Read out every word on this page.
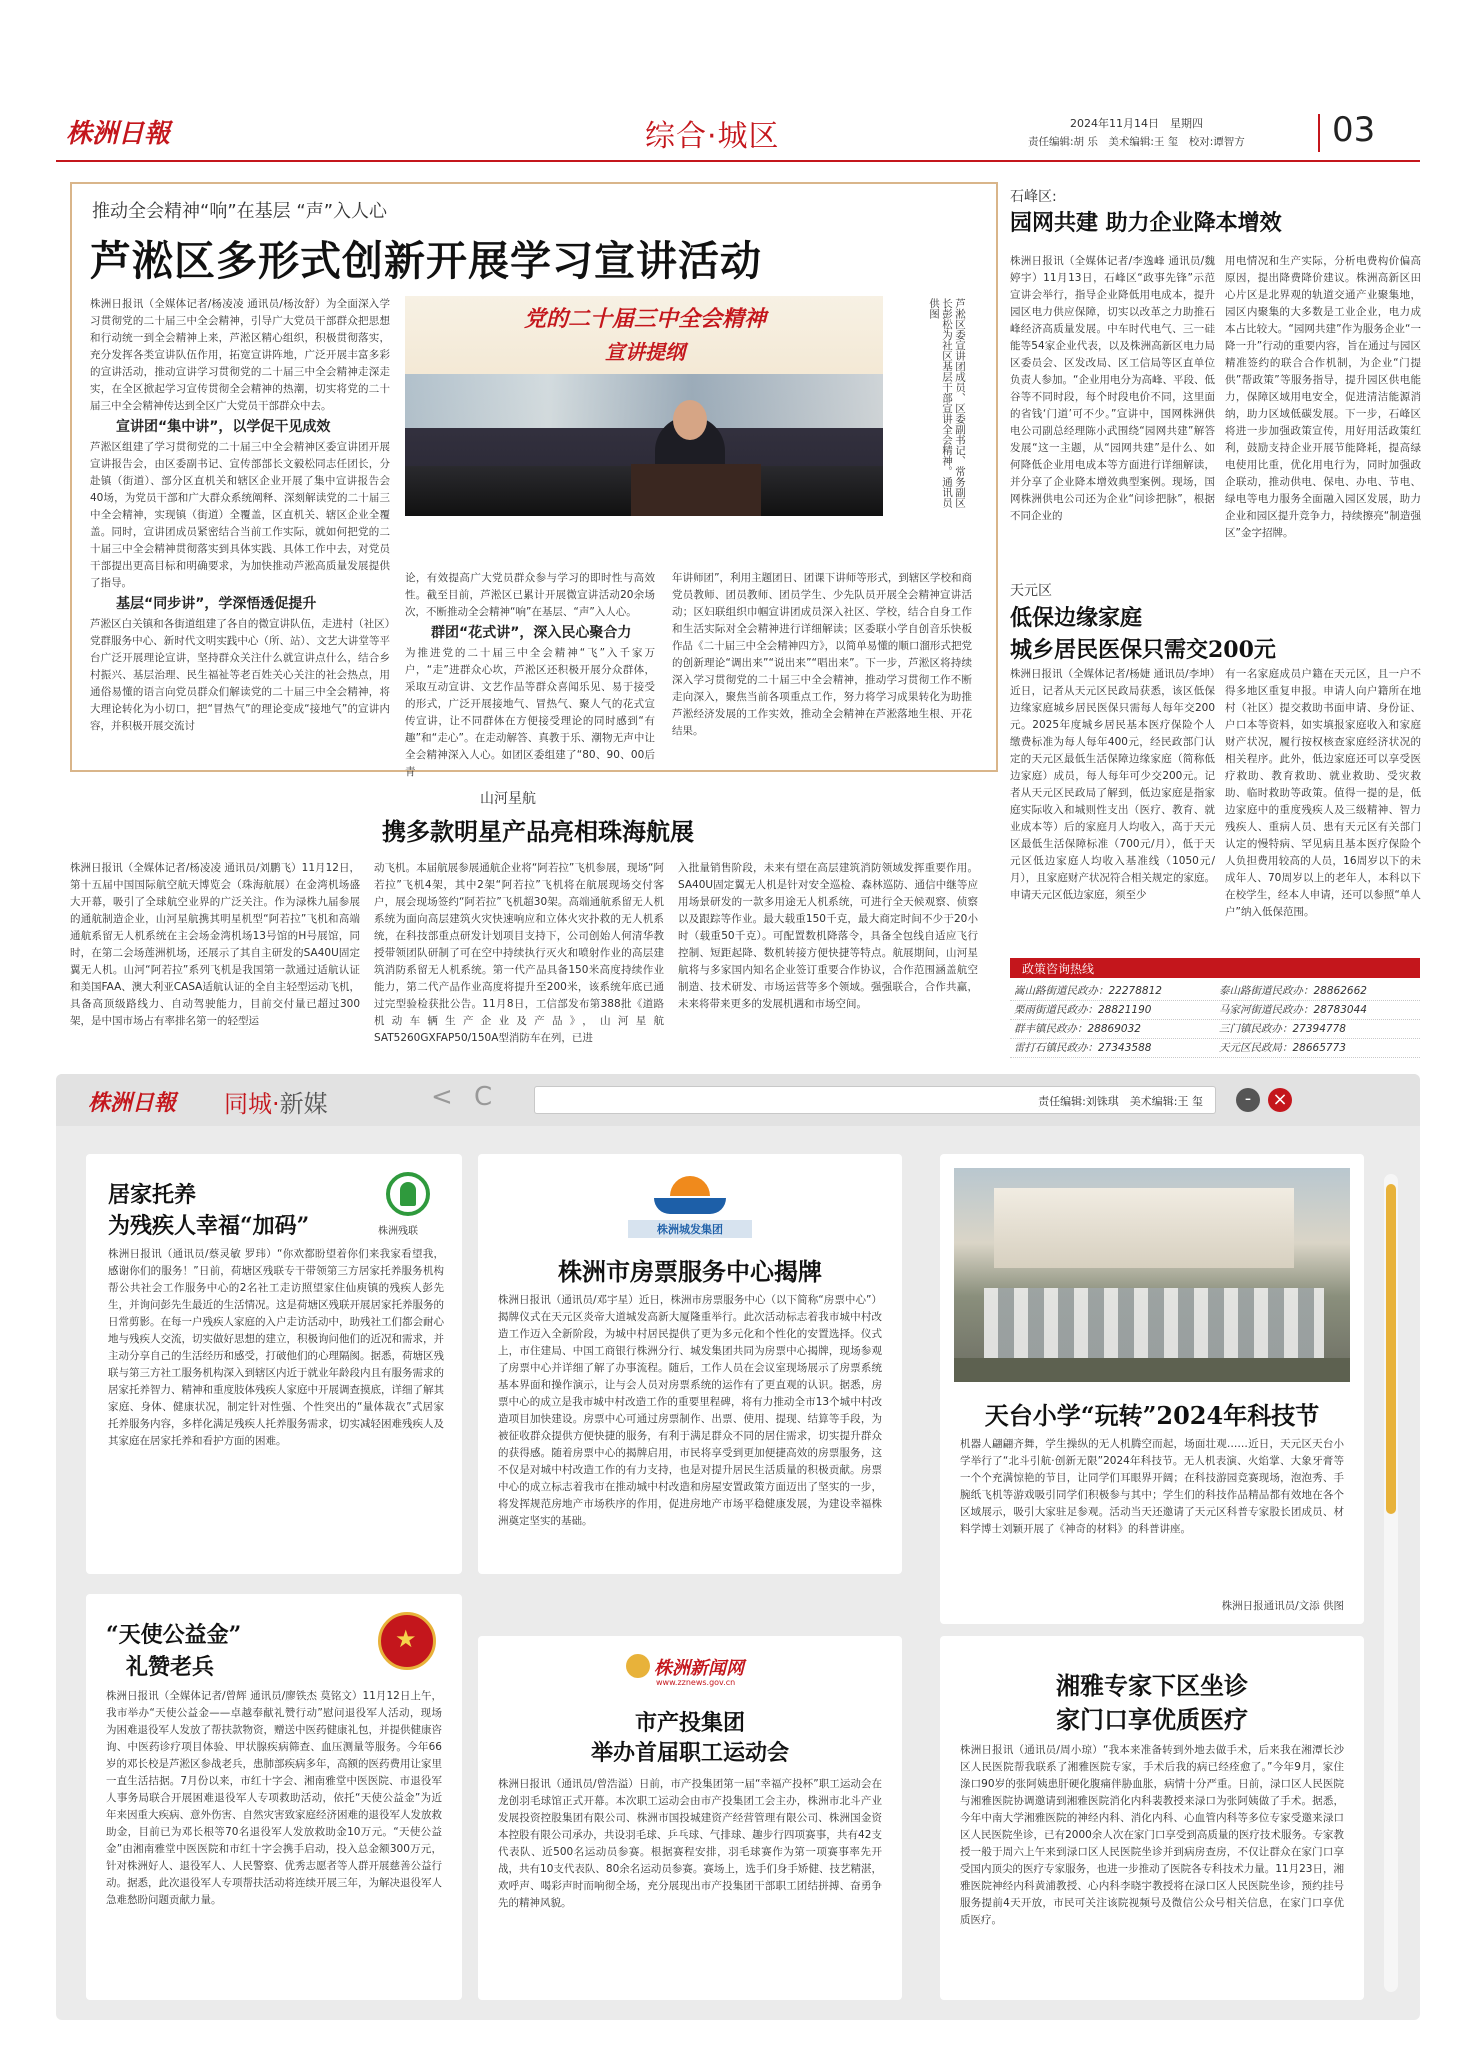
株洲日報	综合·城区	2024年11月14日　星期四
责任编辑:胡 乐　美术编辑:王 玺　校对:谭智方	03
推动全会精神“响”在基层 “声”入人心
芦淞区多形式创新开展学习宣讲活动
党的二十届三中全会精神
宣讲提纲	芦淞区委宣讲团成员、区委副书记、常务副区长彭松为社区基层干部宣讲全会精神。通讯员供图

株洲日报讯（全媒体记者/杨凌凌 通讯员/杨汝舒）为全面深入学习贯彻党的二十届三中全会精神，引导广大党员干部群众把思想和行动统一到全会精神上来，芦淞区精心组织，积极贯彻落实，充分发挥各类宣讲队伍作用，拓宽宣讲阵地，广泛开展丰富多彩的宣讲活动，推动宣讲学习贯彻党的二十届三中全会精神走深走实，在全区掀起学习宣传贯彻全会精神的热潮，切实将党的二十届三中全会精神传达到全区广大党员干部群众中去。

宣讲团“集中讲”，以学促干见成效

芦淞区组建了学习贯彻党的二十届三中全会精神区委宣讲团开展宣讲报告会，由区委副书记、宣传部部长文毅松同志任团长，分赴镇（街道）、部分区直机关和辖区企业开展了集中宣讲报告会40场，为党员干部和广大群众系统阐释、深刻解读党的二十届三中全会精神，实现镇（街道）全覆盖，区直机关、辖区企业全覆盖。同时，宣讲团成员紧密结合当前工作实际，就如何把党的二十届三中全会精神贯彻落实到具体实践、具体工作中去，对党员干部提出更高目标和明确要求，为加快推动芦淞高质量发展提供了指导。

基层“同步讲”，学深悟透促提升

芦淞区白关镇和各街道组建了各自的微宣讲队伍，走进村（社区）党群服务中心、新时代文明实践中心（所、站）、文艺大讲堂等平台广泛开展理论宣讲，坚持群众关注什么就宣讲点什么，结合乡村振兴、基层治理、民生福祉等老百姓关心关注的社会热点，用通俗易懂的语言向党员群众们解读党的二十届三中全会精神，将大理论转化为小切口，把“冒热气”的理论变成“接地气”的宣讲内容，并积极开展交流讨

论，有效提高广大党员群众参与学习的即时性与高效性。截至目前，芦淞区已累计开展微宣讲活动20余场次，不断推动全会精神“响”在基层、“声”入人心。

群团“花式讲”，深入民心聚合力

为推进党的二十届三中全会精神“飞”入千家万户，“走”进群众心坎，芦淞区还积极开展分众群体，采取互动宣讲、文艺作品等群众喜闻乐见、易于接受的形式，广泛开展接地气、冒热气、聚人气的花式宣传宣讲，让不同群体在方便接受理论的同时感到“有趣”和“走心”。在走动解答、真教于乐、潮物无声中让全会精神深入人心。如团区委组建了“80、90、00后青

年讲师团”，利用主题团日、团课下讲师等形式，到辖区学校和商党员教师、团员教师、团员学生、少先队员开展全会精神宣讲活动；区妇联组织巾帼宣讲团成员深入社区、学校，结合自身工作和生活实际对全会精神进行详细解读；区委联小学自创音乐快板作品《二十届三中全会精神四方》，以简单易懂的顺口溜形式把党的创新理论“调出来”“说出来”“唱出来”。下一步，芦淞区将持续深入学习贯彻党的二十届三中全会精神，推动学习贯彻工作不断走向深入，聚焦当前各项重点工作，努力将学习成果转化为助推芦淞经济发展的工作实效，推动全会精神在芦淞落地生根、开花结果。

山河星航
携多款明星产品亮相珠海航展

株洲日报讯（全媒体记者/杨凌凌 通讯员/刘鹏飞）11月12日，第十五届中国国际航空航天博览会（珠海航展）在金湾机场盛大开幕，吸引了全球航空业界的广泛关注。作为渌株九届参展的通航制造企业，山河星航携其明星机型“阿若拉”飞机和高端通航系留无人机系统在主会场金湾机场13号馆的H号展馆，同时，在第二会场莲洲机场，还展示了其自主研发的SA40U固定翼无人机。山河“阿若拉”系列飞机是我国第一款通过适航认证和美国FAA、澳大利亚CASA适航认证的全自主轻型运动飞机，具备高顶级路线力、自动驾驶能力，目前交付量已超过300架，是中国市场占有率排名第一的轻型运

动飞机。本届航展参展通航企业将“阿若拉”飞机参展，现场“阿若拉”飞机4架，其中2架“阿若拉”飞机将在航展现场交付客户，展会现场签约“阿若拉”飞机超30架。高端通航系留无人机系统为面向高层建筑火灾快速响应和立体火灾扑救的无人机系统，在科技部重点研发计划项目支持下，公司创始人何清华教授带领团队研制了可在空中持续执行灭火和喷射作业的高层建筑消防系留无人机系统。第一代产品具备150米高度持续作业能力，第二代产品作业高度将提升至200米，该系统年底已通过完型验检获批公告。11月8日，工信部发布第388批《道路机动车辆生产企业及产品》，山河星航SAT5260GXFAP50/150A型消防车在列，已进

入批量销售阶段，未来有望在高层建筑消防领域发挥重要作用。SA40U固定翼无人机是针对安全巡检、森林巡防、通信中继等应用场景研发的一款多用途无人机系统，可进行全天候观察、侦察以及跟踪等作业。最大载重150千克，最大商定时间不少于20小时（载重50千克）。可配置数机降落令，具备全包线自适应飞行控制、短距起降、数机转接方便快捷等特点。航展期间，山河星航将与多家国内知名企业签订重要合作协议，合作范围涵盖航空制造、技术研发、市场运营等多个领域。强强联合，合作共赢，未来将带来更多的发展机遇和市场空间。

石峰区:
园网共建 助力企业降本增效

株洲日报讯（全媒体记者/李逸峰 通讯员/魏婷宇）11月13日，石峰区“政事先锋”示范宣讲会举行，指导企业降低用电成本，提升园区电力供应保障，切实以改革之力助推石峰经济高质量发展。中车时代电气、三一硅能等54家企业代表，以及株洲高新区电力局区委员会、区发改局、区工信局等区直单位负责人参加。“企业用电分为高峰、平段、低谷等不同时段，每个时段电价不同，这里面的省钱‘门道’可不少。”宣讲中，国网株洲供电公司副总经理陈小武围绕“园网共建”解答发展“这一主题，从“园网共建”是什么、如何降低企业用电成本等方面进行详细解读，并分享了企业降本增效典型案例。现场，国网株洲供电公司还为企业“问诊把脉”，根据不同企业的

用电情况和生产实际，分析电费构价偏高原因，提出降费降价建议。株洲高新区田心片区是北界观的轨道交通产业聚集地，园区内聚集的大多数是工业企业，电力成本占比较大。“园网共建”作为服务企业“一降一升”行动的重要内容，旨在通过与园区精准签约的联合合作机制，为企业“门提供”帮政策”等服务指导，提升园区供电能力，保障区域用电安全，促进清洁能源消纳，助力区域低碳发展。下一步，石峰区将进一步加强政策宣传，用好用活政策红利，鼓励支持企业开展节能降耗，提高绿电使用比重，优化用电行为，同时加强政企联动，推动供电、保电、办电、节电、绿电等电力服务全面融入园区发展，助力企业和园区提升竞争力，持续擦亮“制造强区”金字招牌。

天元区
低保边缘家庭
城乡居民医保只需交200元

株洲日报讯（全媒体记者/杨婕 通讯员/李坤）近日，记者从天元区民政局获悉，该区低保边缘家庭城乡居民医保只需每人每年交200元。2025年度城乡居民基本医疗保险个人缴费标准为每人每年400元，经民政部门认定的天元区最低生活保障边缘家庭（简称低边家庭）成员，每人每年可少交200元。记者从天元区民政局了解到，低边家庭是指家庭实际收入和城则性支出（医疗、教育、就业成本等）后的家庭月人均收入，高于天元区最低生活保障标准（700元/月），低于天元区低边家庭人均收入基准线（1050元/月），且家庭财产状况符合相关规定的家庭。申请天元区低边家庭，须至少

有一名家庭成员户籍在天元区，且一户不得多地区重复申报。申请人向户籍所在地村（社区）提交救助书面申请、身份证、户口本等资料，如实填报家庭收入和家庭财产状况，履行按权核查家庭经济状况的相关程序。此外，低边家庭还可以享受医疗救助、教育救助、就业救助、受灾救助、临时救助等政策。值得一提的是，低边家庭中的重度残疾人及三级精神、智力残疾人、重病人员、患有天元区有关部门认定的慢特病、罕见病且基本医疗保险个人负担费用较高的人员，16周岁以下的未成年人、70周岁以上的老年人，本科以下在校学生，经本人申请，还可以参照“单人户”纳入低保范围。

政策咨询热线
嵩山路街道民政办：22278812	泰山路街道民政办：28862662
栗雨街道民政办：28821190	马家河街道民政办：28783044
群丰镇民政办：28869032	三门镇民政办：27394778
雷打石镇民政办：27343588	天元区民政局：28665773
株洲日報 同城·新媒	< C	责任编辑:刘铢琪　美术编辑:王 玺	-	×
居家托养
为残疾人幸福“加码”	株洲残联

株洲日报讯（通讯员/蔡灵敏 罗玮）“你欢都盼望着你们来我家看望我，感谢你们的服务！”日前，荷塘区残联专干带领第三方居家托养服务机构帮公共社会工作服务中心的2名社工走访照望家住仙庾镇的残疾人彭先生，并询问彭先生最近的生活情况。这是荷塘区残联开展居家托养服务的日常剪影。在每一户残疾人家庭的入户走访活动中，助残社工们都会耐心地与残疾人交流，切实做好思想的建立，积极询问他们的近况和需求，并主动分享自己的生活经历和感受，打破他们的心理隔阂。据悉，荷塘区残联与第三方社工服务机构深入到辖区内近于就业年龄段内且有服务需求的居家托养智力、精神和重度肢体残疾人家庭中开展调查摸底，详细了解其家庭、身体、健康状况，制定针对性强、个性突出的“量体裁衣”式居家托养服务内容，多样化满足残疾人托养服务需求，切实减轻困难残疾人及其家庭在居家托养和看护方面的困难。

株洲城发集团
株洲市房票服务中心揭牌

株洲日报讯（通讯员/邓宇星）近日，株洲市房票服务中心（以下简称“房票中心”）揭牌仪式在天元区炎帝大道城发高新大厦隆重举行。此次活动标志着我市城中村改造工作迈入全新阶段，为城中村居民提供了更为多元化和个性化的安置选择。仪式上，市住建局、中国工商银行株洲分行、城发集团共同为房票中心揭牌，现场参观了房票中心并详细了解了办事流程。随后，工作人员在会议室现场展示了房票系统基本界面和操作演示，让与会人员对房票系统的运作有了更直观的认识。据悉，房票中心的成立是我市城中村改造工作的重要里程碑，将有力推动全市13个城中村改造项目加快建设。房票中心可通过房票制作、出票、使用、提现、结算等手段，为被征收群众提供方便快捷的服务，有利于满足群众不同的居住需求，切实提升群众的获得感。随着房票中心的揭牌启用，市民将享受到更加便捷高效的房票服务，这不仅是对城中村改造工作的有力支持，也是对提升居民生活质量的积极贡献。房票中心的成立标志着我市在推动城中村改造和房屋安置政策方面迈出了坚实的一步，将发挥规范房地产市场秩序的作用，促进房地产市场平稳健康发展，为建设幸福株洲奠定坚实的基础。

天台小学“玩转”2024年科技节

机器人翩翩齐舞，学生操纵的无人机腾空而起，场面壮观……近日，天元区天台小学举行了“北斗引航·创新无限”2024年科技节。无人机表演、火焰掌、大象牙膏等一个个充满惊艳的节目，让同学们耳眼界开阔；在科技游园竞赛现场，泡泡秀、手腕纸飞机等游戏吸引同学们积极参与其中；学生们的科技作品精品都有效地在各个区域展示，吸引大家驻足参观。活动当天还邀请了天元区科普专家股长团成员、材料学博士刘颖开展了《神奇的材料》的科普讲座。

株洲日报通讯员/文添 供图
“天使公益金”
礼赞老兵
★

株洲日报讯（全媒体记者/曾辉 通讯员/廖铁杰 莫铭文）11月12日上午，我市举办“天使公益金——卓越奉献礼赞行动”慰问退役军人活动，现场为困难退役军人发放了帮扶款物资，赠送中医药健康礼包，并提供健康咨询、中医药诊疗项目体验、甲状腺疾病筛查、血压测量等服务。今年66岁的邓长校是芦淞区参战老兵，患肺部疾病多年，高额的医药费用让家里一直生活拮据。7月份以来，市红十字会、湘南雅堂中医医院、市退役军人事务局联合开展困难退役军人专项救助活动，依托“天使公益金”为近年来因重大疾病、意外伤害、自然灾害致家庭经济困难的退役军人发放救助金，目前已为邓长根等70名退役军人发放救助金10万元。“天使公益金”由湘南雅堂中医医院和市红十字会携手启动，投入总金额300万元，针对株洲好人、退役军人、人民警察、优秀志愿者等人群开展慈善公益行动。据悉，此次退役军人专项帮扶活动将连续开展三年，为解决退役军人急难愁盼问题贡献力量。

株洲新闻网
www.zznews.gov.cn
市产投集团
举办首届职工运动会

株洲日报讯（通讯员/曾浩溢）日前，市产投集团第一届“幸福产投杯”职工运动会在龙创羽毛球馆正式开幕。本次职工运动会由市产投集团工会主办，株洲市北斗产业发展投资控股集团有限公司、株洲市国投城建资产经营管理有限公司、株洲国金资本控股有限公司承办，共设羽毛球、乒乓球、气排球、趣步行四项赛事，共有42支代表队、近500名运动员参赛。根据赛程安排，羽毛球赛作为第一项赛事率先开战，共有10支代表队、80余名运动员参赛。赛场上，选手们身手矫健、技艺精湛，欢呼声、喝彩声时而响彻全场，充分展现出市产投集团干部职工团结拼搏、奋勇争先的精神风貌。

湘雅专家下区坐诊
家门口享优质医疗

株洲日报讯（通讯员/周小琼）“我本来准备转到外地去做手术，后来我在湘潭长沙区人民医院帮我联系了湘雅医院专家，手术后我的病已经痊愈了。”今年9月，家住淥口90岁的张阿姨患肝硬化腹痛伴胁血胀，病情十分严重。日前，渌口区人民医院与湘雅医院协调邀请到湘雅医院消化内科裴教授来渌口为张阿姨做了手术。据悉，今年中南大学湘雅医院的神经内科、消化内科、心血管内科等多位专家受邀来渌口区人民医院坐诊，已有2000余人次在家门口享受到高质量的医疗技术服务。专家教授一般于周六上午来到渌口区人民医院坐诊并到病房查房，不仅让群众在家门口享受国内顶尖的医疗专家服务，也进一步推动了医院各专科技术力量。11月23日，湘雅医院神经内科黄浦教授、心内科李晓宇教授将在渌口区人民医院坐诊，预约挂号服务提前4天开放，市民可关注该院视频号及微信公众号相关信息，在家门口享优质医疗。
